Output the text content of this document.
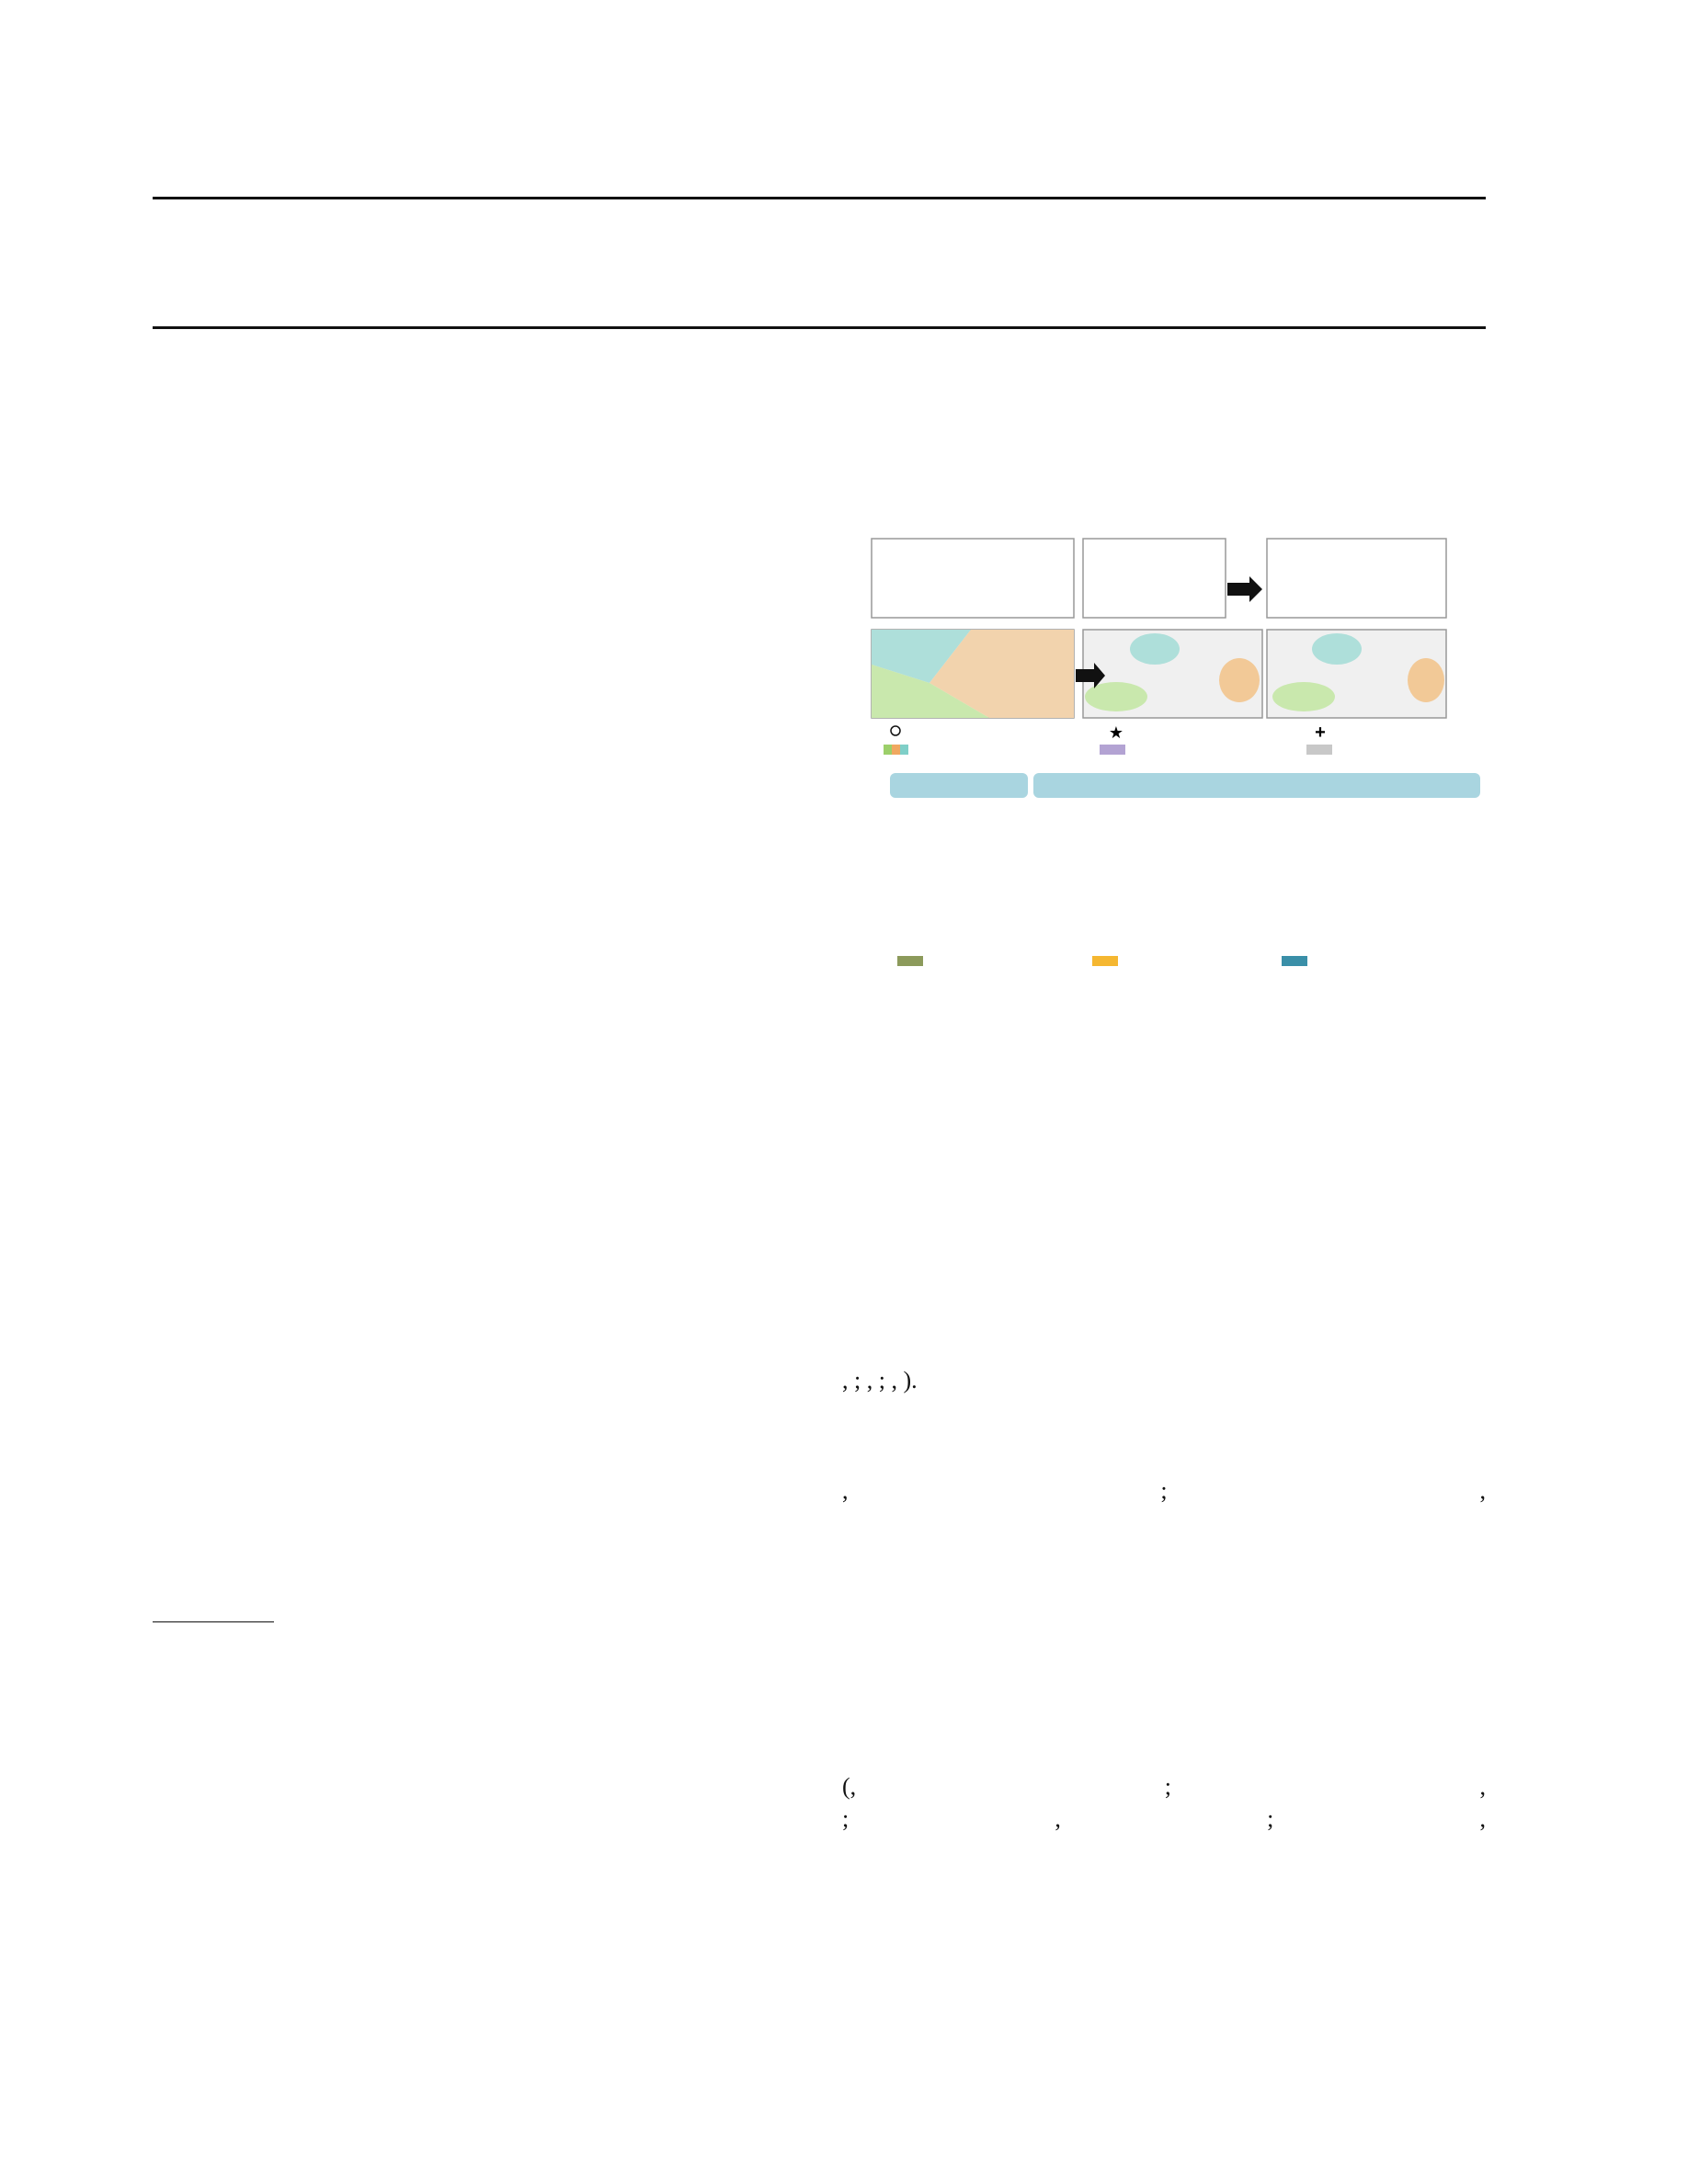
★	+

, ; , ; , ).
, ; ,
(, ; ,
; , ; ,
